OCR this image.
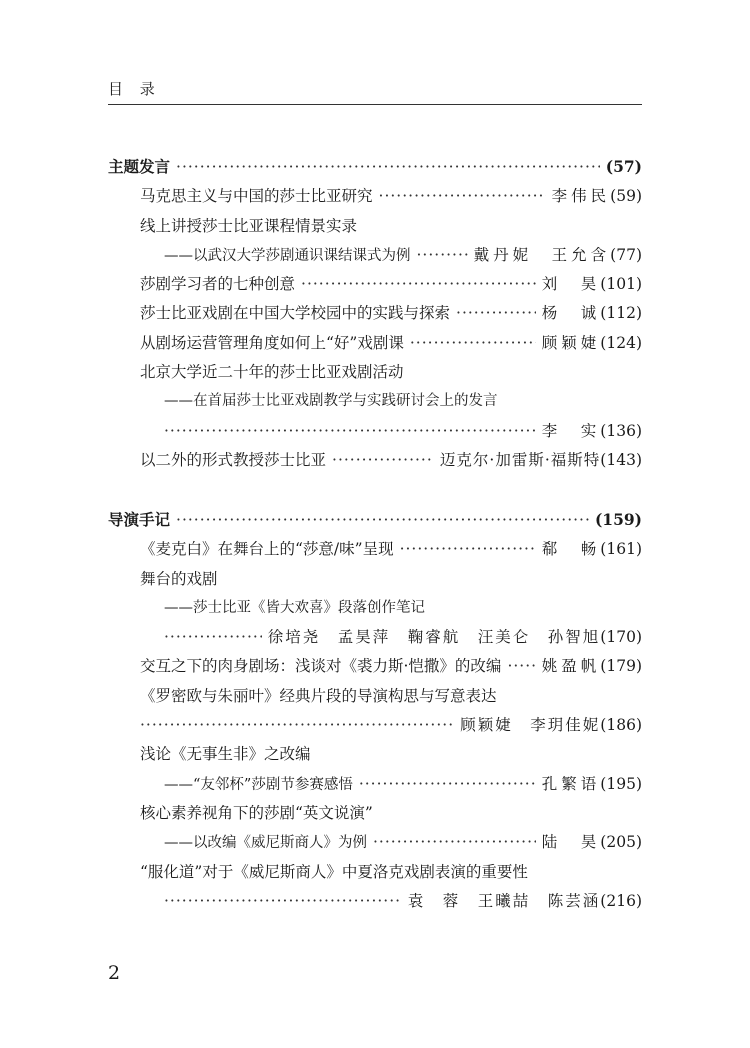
目 录
主题发言 ·····	( 57 )
马克思主义与中国的莎士比亚研究 ·····	李伟民 ( 59 )
线上讲授莎士比亚课程情景实录
——以武汉大学莎剧通识课结课式为例 ·····	戴丹妮　王允含 ( 77 )
莎剧学习者的七种创意 ·····	刘　昊 ( 101 )
莎士比亚戏剧在中国大学校园中的实践与探索 ·····	杨　诚 ( 112 )
从剧场运营管理角度如何上“好”戏剧课 ·····	顾颖婕 ( 124 )
北京大学近二十年的莎士比亚戏剧活动
——在首届莎士比亚戏剧教学与实践研讨会上的发言
·····
李　实 ( 136 )
以二外的形式教授莎士比亚 ·····	迈克尔·加雷斯·福斯特 ( 143 )
导演手记 ·····	( 159 )
《麦克白》在舞台上的“莎意/味”呈现 ·····	郗　畅 ( 161 )
舞台的戏剧
——莎士比亚《皆大欢喜》段落创作笔记
·····
徐培尧　孟昊萍　鞠睿航　汪美仑　孙智旭 ( 170 )
交互之下的肉身剧场：浅谈对《裘力斯·恺撒》的改编 ·····	姚盈帆 ( 179 )
《罗密欧与朱丽叶》经典片段的导演构思与写意表达
·····
顾颖婕　李玥佳妮 ( 186 )
浅论《无事生非》之改编
——“友邻杯”莎剧节参赛感悟 ·····	孔繁语 ( 195 )
核心素养视角下的莎剧“英文说演”
——以改编《威尼斯商人》为例 ·····	陆　昊 ( 205 )
“服化道”对于《威尼斯商人》中夏洛克戏剧表演的重要性
·····
袁　蓉　王曦喆　陈芸涵 ( 216 )
2
